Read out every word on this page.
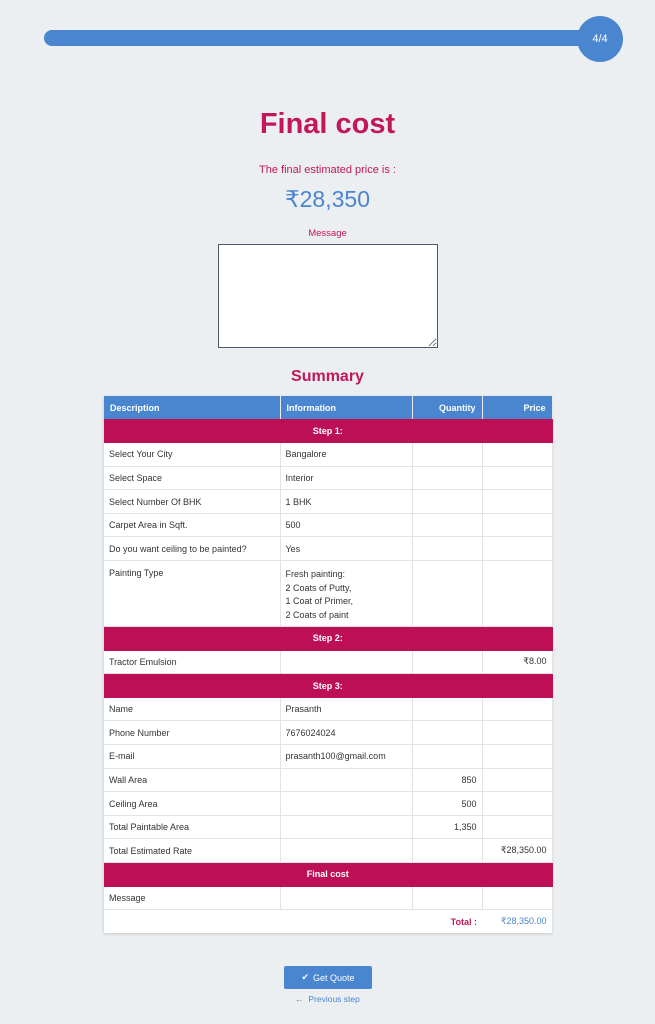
4/4
Final cost
The final estimated price is :
₹28,350
Message
Summary
Description	Information	Quantity	Price
Step 1:			
Select Your City	Bangalore		
Select Space	Interior		
Select Number Of BHK	1 BHK		
Carpet Area in Sqft.	500		
Do you want ceiling to be painted?	Yes		
Painting Type	Fresh painting:
2 Coats of Putty,
1 Coat of Primer,
2 Coats of paint		

Step 2:			
Tractor Emulsion			₹8.00
Step 3:			
Name	Prasanth		
Phone Number	7676024024		
E-mail	prasanth100@gmail.com		
Wall Area		850	
Ceiling Area		500	
Total Paintable Area		1,350	
Total Estimated Rate			₹28,350.00
Final cost			
Message			
		Total :	₹28,350.00
✔ Get Quote
← Previous step
